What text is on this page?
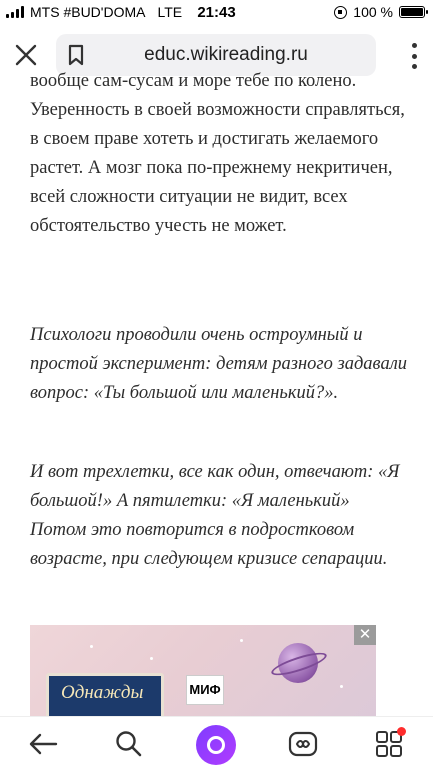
MTS #BUD'DOMA LTE 21:43	100 %
educ.wikireading.ru

вообще сам-сусам и море тебе по колено. Уверенность в своей возможности справляться, в своем праве хотеть и достигать желаемого растет. А мозг пока по-прежнему некритичен, всей сложности ситуации не видит, всех обстоятельство учесть не может.

Психологи проводили очень остроумный и простой эксперимент: детям разного задавали вопрос: «Ты большой или маленький?».

И вот трехлетки, все как один, отвечают: «Я большой!» А пятилетки: «Я маленький» Потом это повторится в подростковом возрасте, при следующем кризисе сепарации.

Однажды	МИФ
✕
